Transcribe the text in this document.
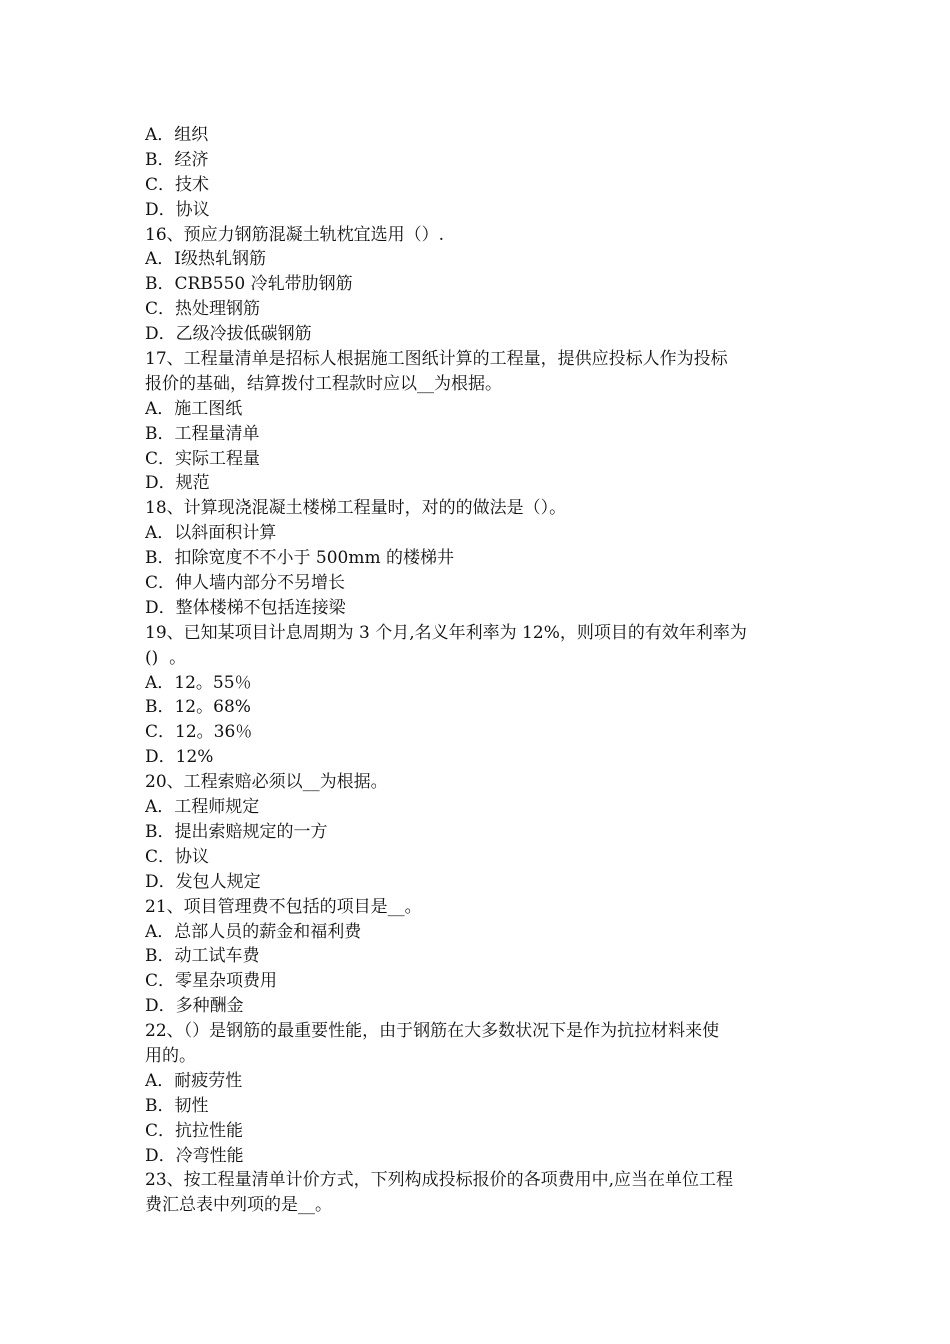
A．组织
B．经济
C．技术
D．协议
16、预应力钢筋混凝土轨枕宜选用（）.
A．Ⅰ级热轧钢筋
B．CRB550 冷轧带肋钢筋
C．热处理钢筋
D．乙级冷拔低碳钢筋
17、工程量清单是招标人根据施工图纸计算的工程量，提供应投标人作为投标
报价的基础，结算拨付工程款时应以__为根据。
A．施工图纸
B．工程量清单
C．实际工程量
D．规范
18、计算现浇混凝土楼梯工程量时，对的的做法是（）。
A．以斜面积计算
B．扣除宽度不不小于 500mm 的楼梯井
C．伸人墙内部分不另增长
D．整体楼梯不包括连接梁
19、已知某项目计息周期为 3 个月,名义年利率为 12%，则项目的有效年利率为
()  。
A．12。55％
B．12。68%
C．12。36％
D．12%
20、工程索赔必须以__为根据。
A．工程师规定
B．提出索赔规定的一方
C．协议
D．发包人规定
21、项目管理费不包括的项目是__。
A．总部人员的薪金和福利费
B．动工试车费
C．零星杂项费用
D．多种酬金
22、（）是钢筋的最重要性能，由于钢筋在大多数状况下是作为抗拉材料来使
用的。
A．耐疲劳性
B．韧性
C．抗拉性能
D．冷弯性能
23、按工程量清单计价方式，下列构成投标报价的各项费用中,应当在单位工程
费汇总表中列项的是__。
